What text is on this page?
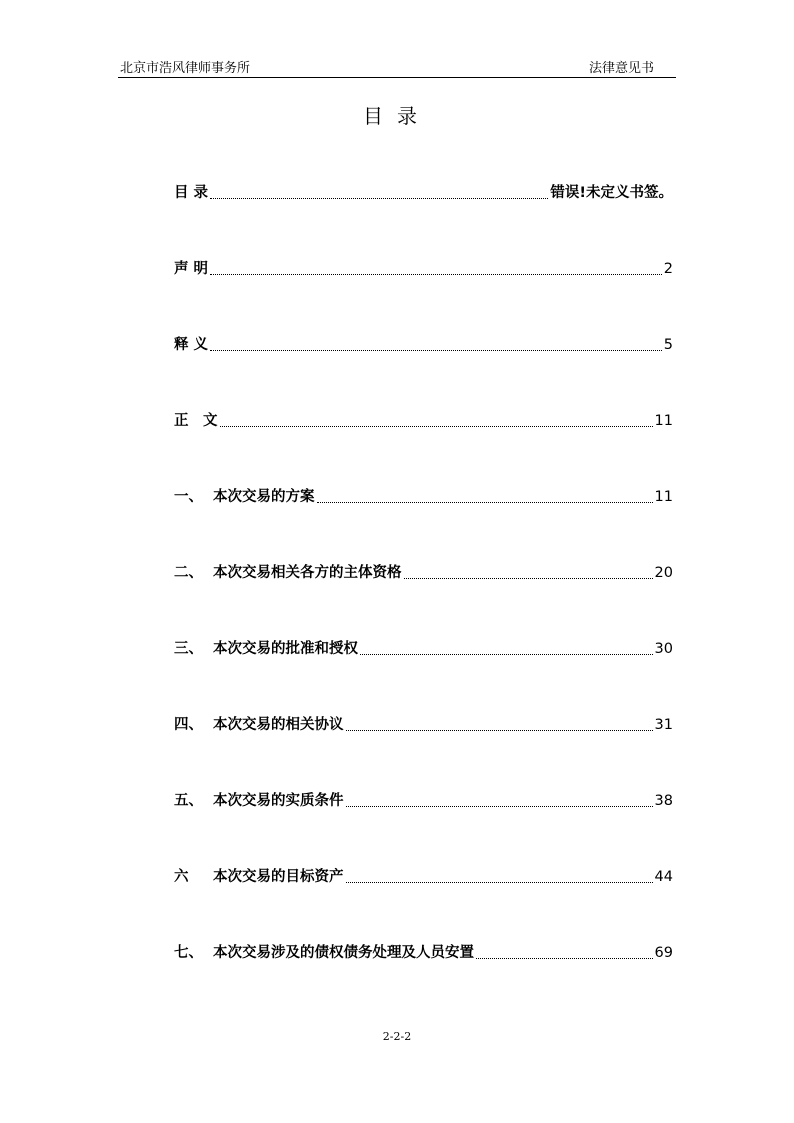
北京市浩风律师事务所	法律意见书
目录
目 录	错误!未定义书签。
声 明	2
释 义	5
正　文	11
一、 本次交易的方案	11
二、 本次交易相关各方的主体资格	20
三、 本次交易的批准和授权	30
四、 本次交易的相关协议	31
五、 本次交易的实质条件	38
六	本次交易的目标资产	44
七、 本次交易涉及的债权债务处理及人员安置	69
2-2-2
